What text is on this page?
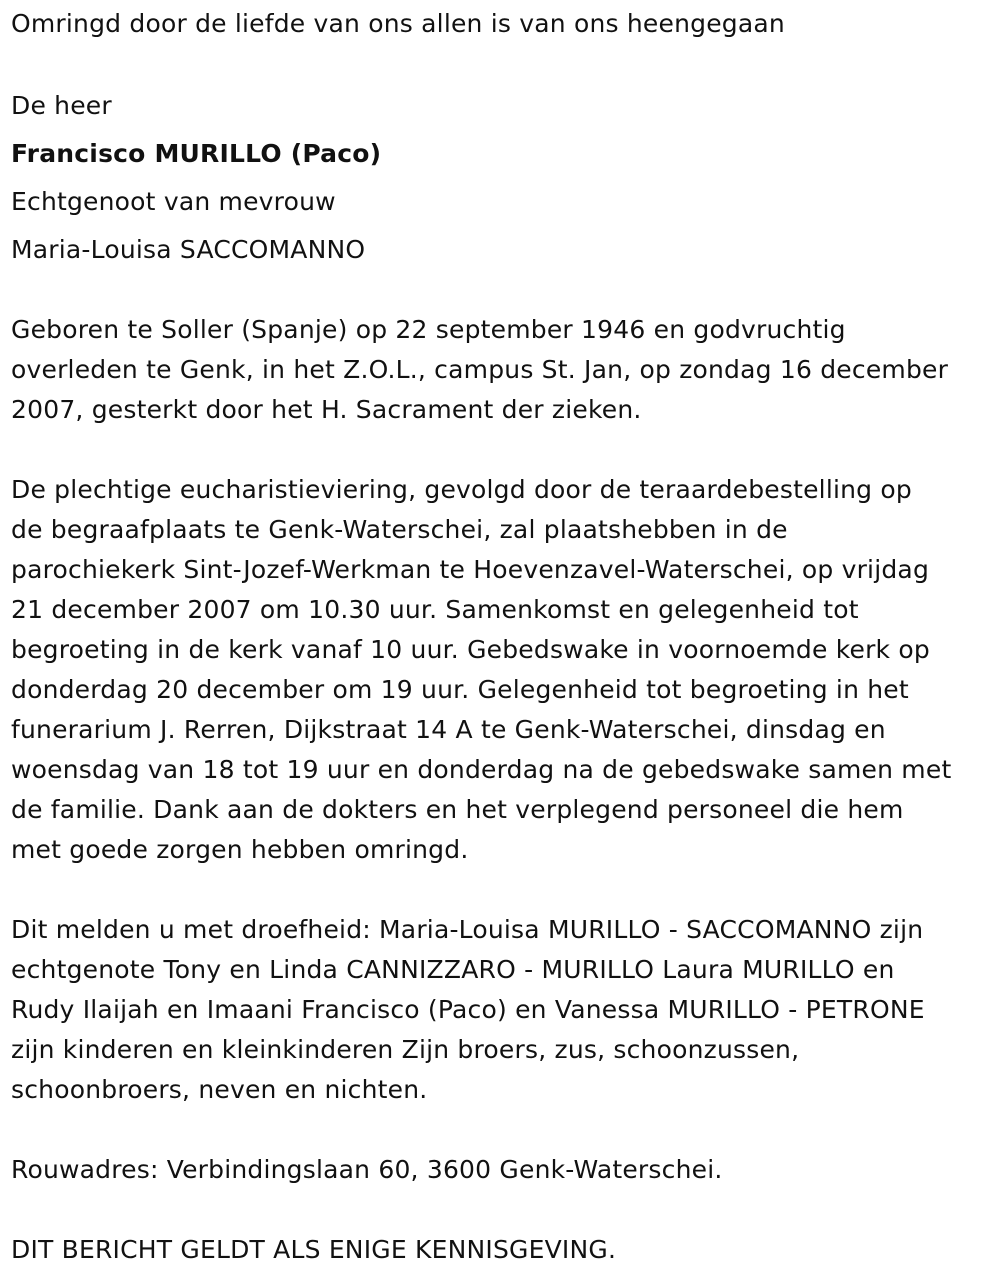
Omringd door de liefde van ons allen is van ons heengegaan
De heer
Francisco MURILLO (Paco)
Echtgenoot van mevrouw
Maria-Louisa SACCOMANNO
Geboren te Soller (Spanje) op 22 september 1946 en godvruchtig
overleden te Genk, in het Z.O.L., campus St. Jan, op zondag 16 december
2007, gesterkt door het H. Sacrament der zieken.
De plechtige eucharistieviering, gevolgd door de teraardebestelling op
de begraafplaats te Genk-Waterschei, zal plaatshebben in de
parochiekerk Sint-Jozef-Werkman te Hoevenzavel-Waterschei, op vrijdag
21 december 2007 om 10.30 uur. Samenkomst en gelegenheid tot
begroeting in de kerk vanaf 10 uur. Gebedswake in voornoemde kerk op
donderdag 20 december om 19 uur. Gelegenheid tot begroeting in het
funerarium J. Rerren, Dijkstraat 14 A te Genk-Waterschei, dinsdag en
woensdag van 18 tot 19 uur en donderdag na de gebedswake samen met
de familie. Dank aan de dokters en het verplegend personeel die hem
met goede zorgen hebben omringd.
Dit melden u met droefheid: Maria-Louisa MURILLO - SACCOMANNO zijn
echtgenote Tony en Linda CANNIZZARO - MURILLO Laura MURILLO en
Rudy Ilaijah en Imaani Francisco (Paco) en Vanessa MURILLO - PETRONE
zijn kinderen en kleinkinderen Zijn broers, zus, schoonzussen,
schoonbroers, neven en nichten.
Rouwadres: Verbindingslaan 60, 3600 Genk-Waterschei.
DIT BERICHT GELDT ALS ENIGE KENNISGEVING.
